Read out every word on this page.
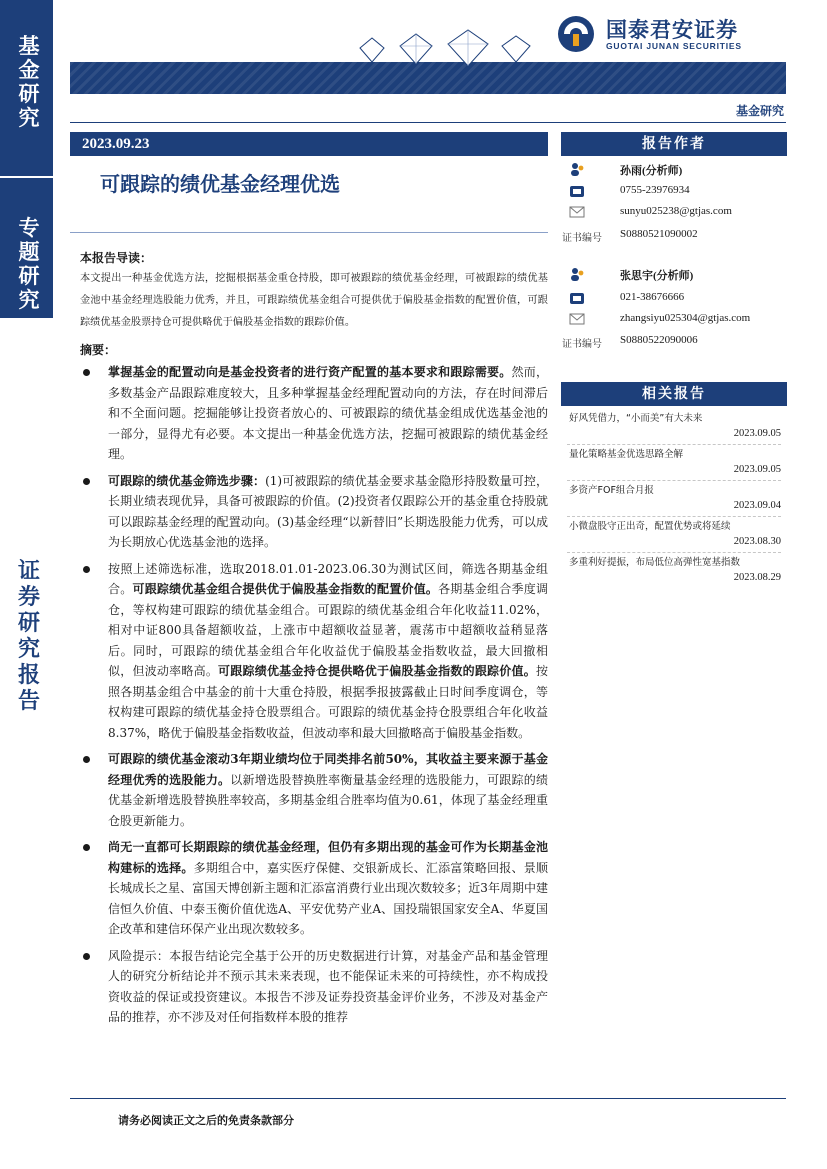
基
金
研
究
专
题
研
究
证
券
研
究
报
告
国泰君安证券
GUOTAI JUNAN SECURITIES
基金研究
2023.09.23
可跟踪的绩优基金经理优选
本报告导读：
本文提出一种基金优选方法，挖掘根据基金重仓持股，即可被跟踪的绩优基金经理，可被跟踪的绩优基金池中基金经理选股能力优秀，并且，可跟踪绩优基金组合可提供优于偏股基金指数的配置价值，可跟踪绩优基金股票持仓可提供略优于偏股基金指数的跟踪价值。
摘要：
掌握基金的配置动向是基金投资者的进行资产配置的基本要求和跟踪需要。然而，多数基金产品跟踪难度较大，且多种掌握基金经理配置动向的方法，存在时间滞后和不全面问题。挖掘能够让投资者放心的、可被跟踪的绩优基金组成优选基金池的一部分，显得尤有必要。本文提出一种基金优选方法，挖掘可被跟踪的绩优基金经理。
可跟踪的绩优基金筛选步骤：(1)可被跟踪的绩优基金要求基金隐形持股数量可控，长期业绩表现优异，具备可被跟踪的价值。(2)投资者仅跟踪公开的基金重仓持股就可以跟踪基金经理的配置动向。(3)基金经理“以新替旧”长期选股能力优秀，可以成为长期放心优选基金池的选择。
按照上述筛选标准，选取2018.01.01-2023.06.30为测试区间，筛选各期基金组合。可跟踪绩优基金组合提供优于偏股基金指数的配置价值。各期基金组合季度调仓，等权构建可跟踪的绩优基金组合。可跟踪的绩优基金组合年化收益11.02%，相对中证800具备超额收益，上涨市中超额收益显著，震荡市中超额收益稍显落后。同时，可跟踪的绩优基金组合年化收益优于偏股基金指数收益，最大回撤相似，但波动率略高。可跟踪绩优基金持仓提供略优于偏股基金指数的跟踪价值。按照各期基金组合中基金的前十大重仓持股，根据季报披露截止日时间季度调仓，等权构建可跟踪的绩优基金持仓股票组合。可跟踪的绩优基金持仓股票组合年化收益8.37%，略优于偏股基金指数收益，但波动率和最大回撤略高于偏股基金指数。
可跟踪的绩优基金滚动3年期业绩均位于同类排名前50%，其收益主要来源于基金经理优秀的选股能力。以新增选股替换胜率衡量基金经理的选股能力，可跟踪的绩优基金新增选股替换胜率较高，多期基金组合胜率均值为0.61，体现了基金经理重仓股更新能力。
尚无一直都可长期跟踪的绩优基金经理，但仍有多期出现的基金可作为长期基金池构建标的选择。多期组合中，嘉实医疗保健、交银新成长、汇添富策略回报、景顺长城成长之星、富国天博创新主题和汇添富消费行业出现次数较多；近3年周期中建信恒久价值、中泰玉衡价值优选A、平安优势产业A、国投瑞银国家安全A、华夏国企改革和建信环保产业出现次数较多。
风险提示：本报告结论完全基于公开的历史数据进行计算，对基金产品和基金管理人的研究分析结论并不预示其未来表现，也不能保证未来的可持续性，亦不构成投资收益的保证或投资建议。本报告不涉及证券投资基金评价业务，不涉及对基金产品的推荐，亦不涉及对任何指数样本股的推荐
报告作者
孙雨(分析师)
0755-23976934
sunyu025238@gtjas.com
证书编号 S0880521090002
张思宇(分析师)
021-38676666
zhangsiyu025304@gtjas.com
证书编号 S0880522090006
相关报告
好风凭借力，“小而美”有大未来
2023.09.05
量化策略基金优选思路全解
2023.09.05
多资产FOF组合月报
2023.09.04
小微盘股守正出奇，配置优势或将延续
2023.08.30
多重利好提振，布局低位高弹性宽基指数
2023.08.29
请务必阅读正文之后的免责条款部分
